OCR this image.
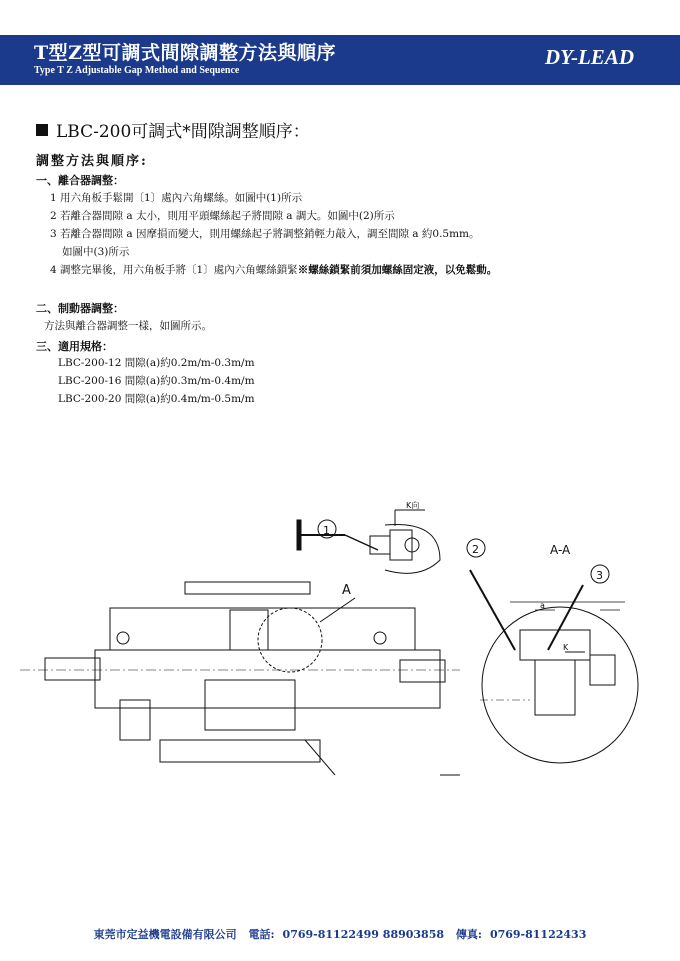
T型Z型可調式間隙調整方法與順序
Type T Z Adjustable Gap Method and Sequence
DY-LEAD
LBC-200可調式*間隙調整順序：
調整方法與順序:
一、離合器調整：
1 用六角板手鬆開〔1〕處內六角螺絲。如圖中(1)所示
2 若離合器間隙 a 太小，則用平頭螺絲起子將間隙 a 調大。如圖中(2)所示
3 若離合器間隙 a 因摩損而變大，則用螺絲起子將調整銷輕力敲入，調至間隙 a 約0.5mm。
如圖中(3)所示
4 調整完畢後，用六角板手將〔1〕處內六角螺絲鎖緊※螺絲鎖緊前須加螺絲固定液，以免鬆動。
二、制動器調整：
方法與離合器調整一樣，如圖所示。
三、適用規格：
LBC-200-12 間隙(a)約0.2m/m-0.3m/m
LBC-200-16 間隙(a)約0.3m/m-0.4m/m
LBC-200-20 間隙(a)約0.4m/m-0.5m/m
1
2
3
K向
A
A-A
K
a
東莞市定益機電設備有限公司 電話: 0769-81122499 88903858 傳真: 0769-81122433
